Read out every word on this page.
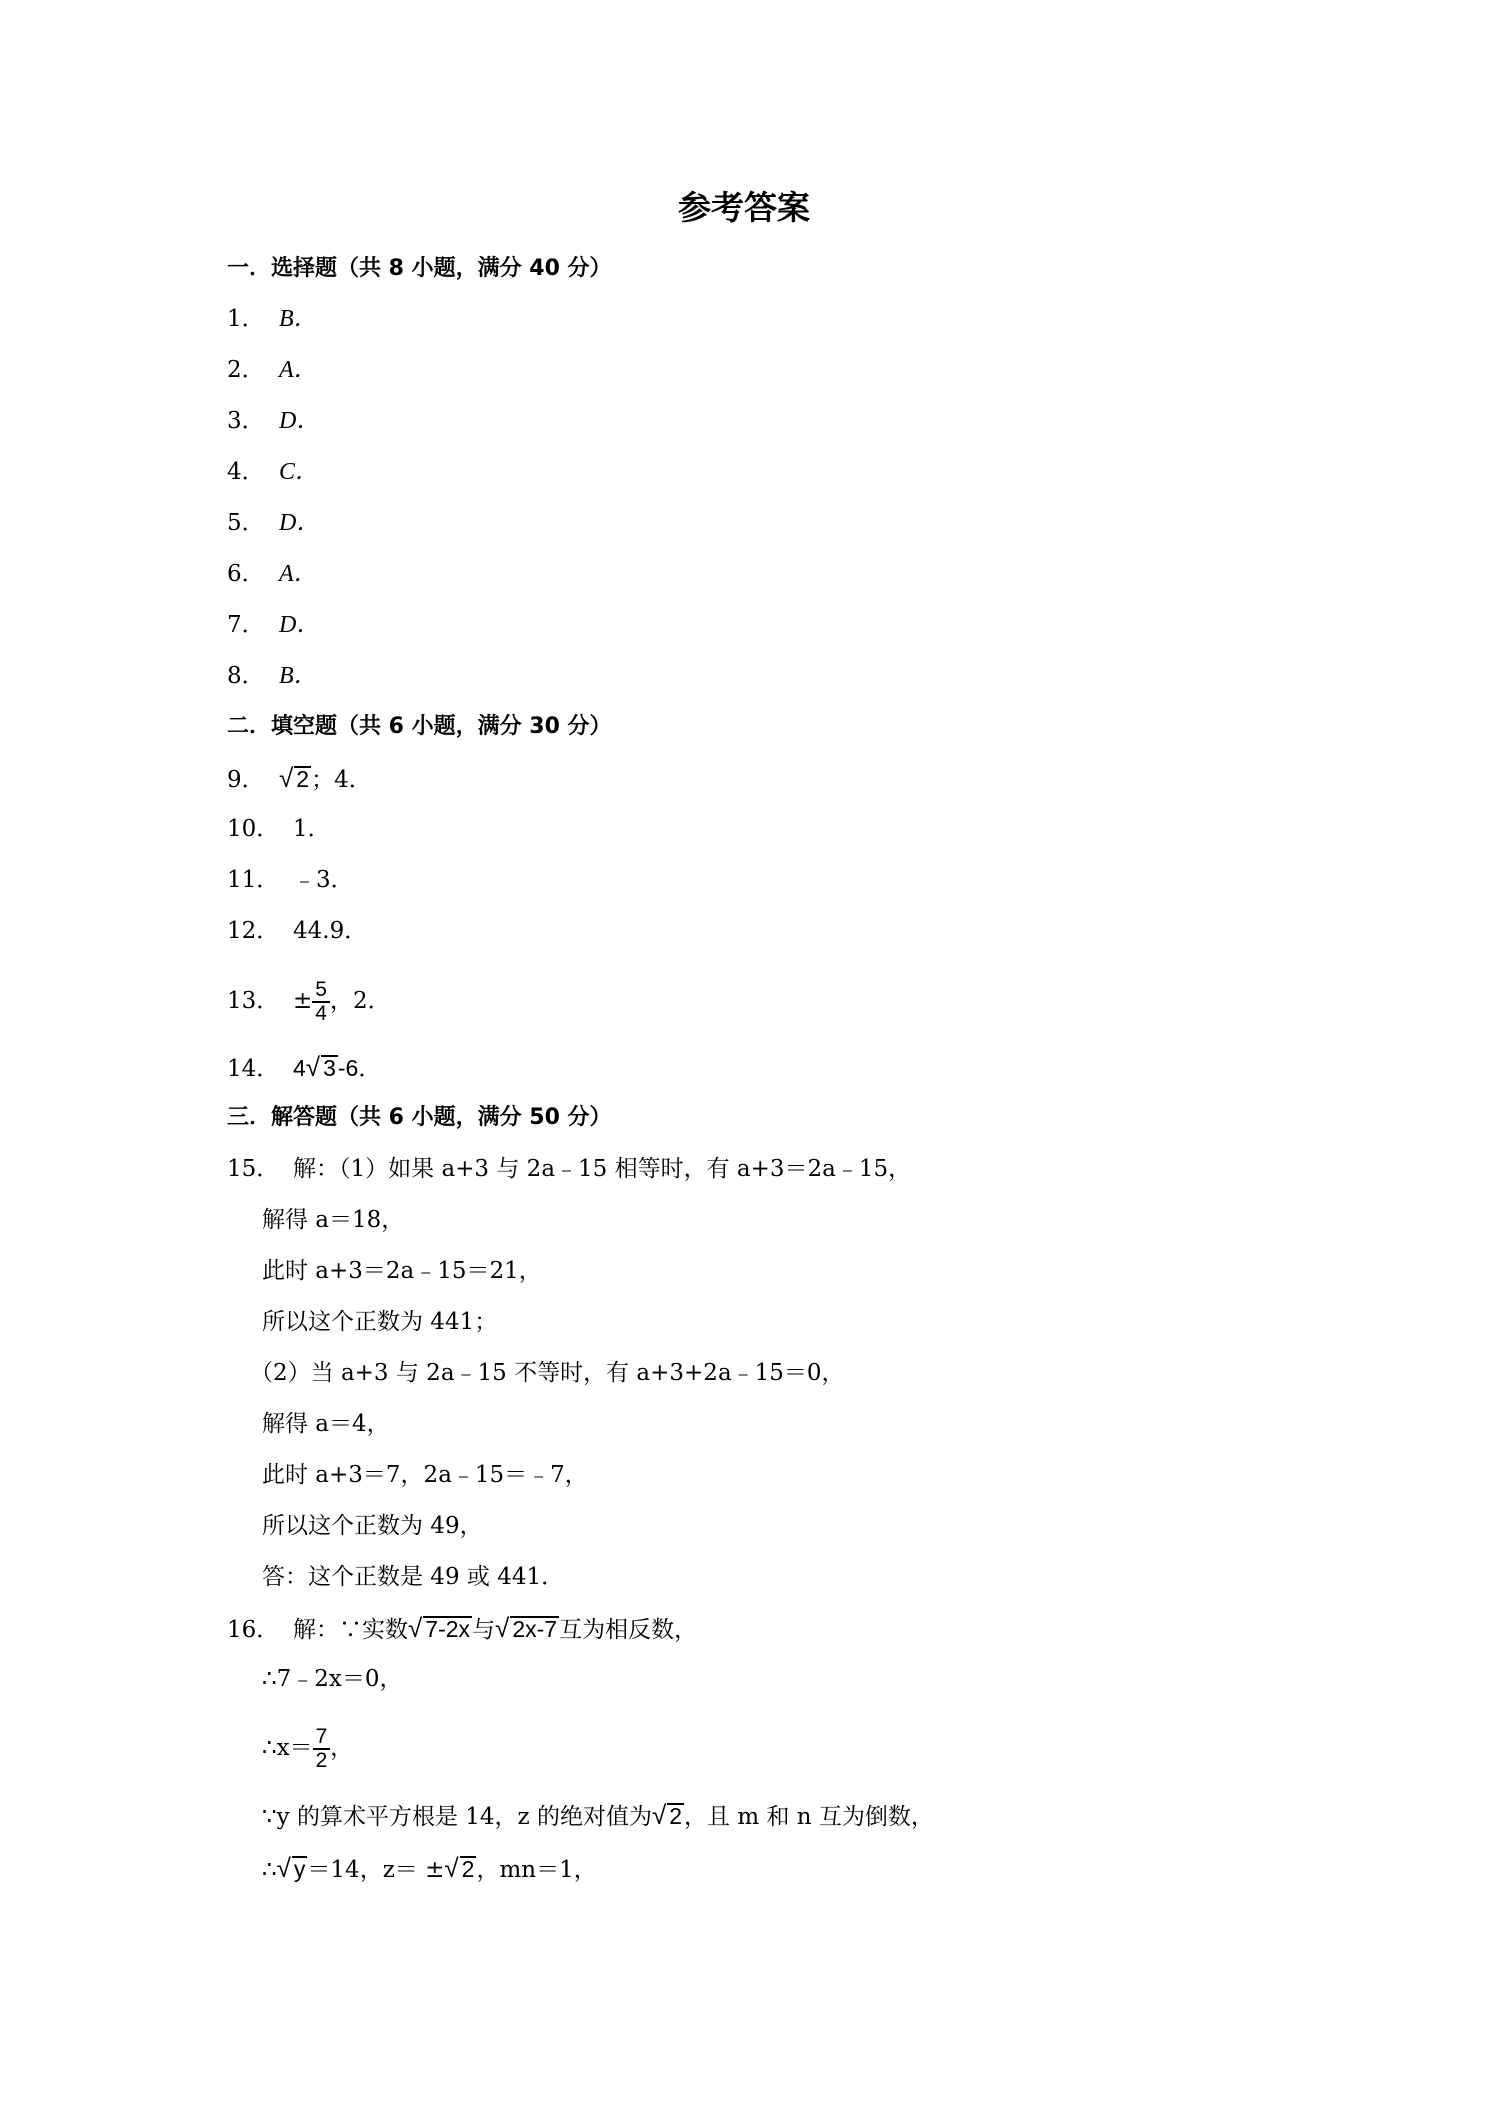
参考答案
一．选择题（共 8 小题，满分 40 分）
1． B．
2． A．
3． D．
4． C．
5． D．
6． A．
7． D．
8． B．
二．填空题（共 6 小题，满分 30 分）
9． √ 2；4．
10． 1．
11． ﹣3．
12． 44.9．
13． ± $\frac{5}{4}$ ，2．
14． 4√ 3-6．
三．解答题（共 6 小题，满分 50 分）
15． 解：（1）如果 a+3 与 2a﹣15 相等时，有 a+3＝2a﹣15，
解得 a＝18，
此时 a+3＝2a﹣15＝21，
所以这个正数为 441；
（2）当 a+3 与 2a﹣15 不等时，有 a+3+2a﹣15＝0，
解得 a＝4，
此时 a+3＝7，2a﹣15＝﹣7，
所以这个正数为 49，
答：这个正数是 49 或 441．
16． 解：∵实数√ 7-2x与√ 2x-7互为相反数，
∴7﹣2x＝0，
∴x＝ $\frac{7}{2}$ ，
∵y 的算术平方根是 14，z 的绝对值为√ 2，且 m 和 n 互为倒数，
∴√ y＝14，z＝ ±√ 2，mn＝1，
